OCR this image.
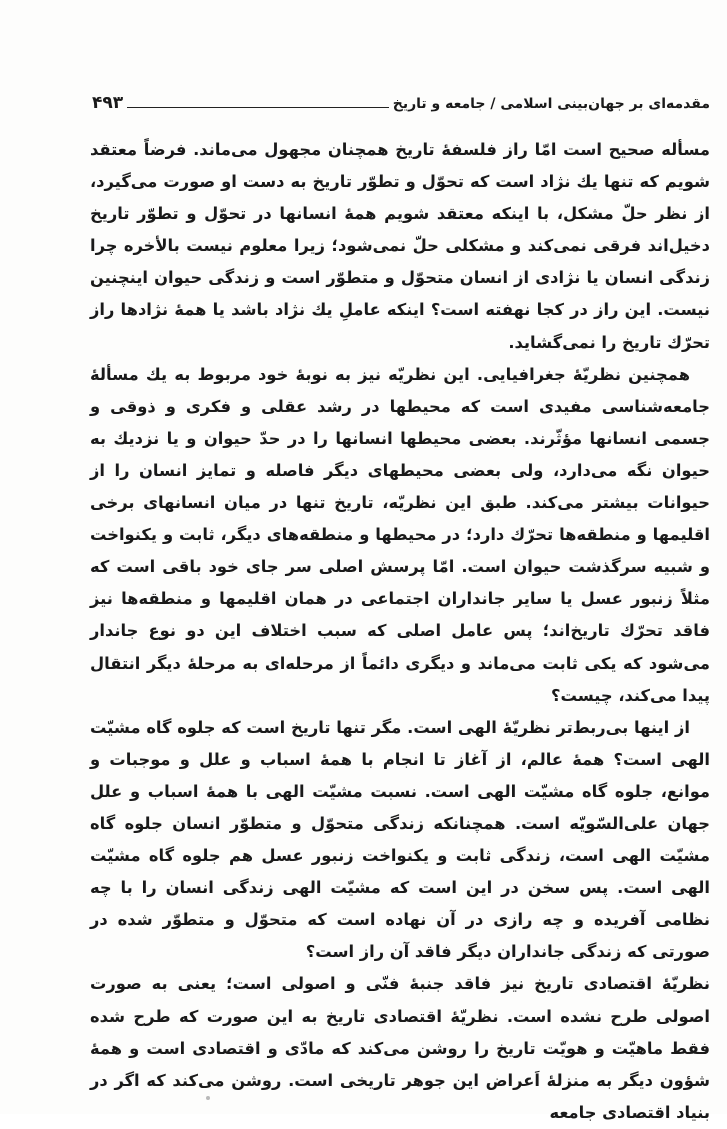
مقدمه‌ای بر جهان‌بینی اسلامی / جامعه و تاریخ
۴۹۳

مسأله صحیح است امّا راز فلسفهٔ تاریخ همچنان مجهول می‌ماند. فرضاً معتقد شویم که تنها یك نژاد است که تحوّل و تطوّر تاریخ به دست او صورت می‌گیرد، از نظر حلّ مشکل، با اینکه معتقد شویم همهٔ انسانها در تحوّل و تطوّر تاریخ دخیل‌اند فرقی نمی‌کند و مشکلی حلّ نمی‌شود؛ زیرا معلوم نیست بالأخره چرا زندگی انسان یا نژادی از انسان متحوّل و متطوّر است و زندگی حیوان اینچنین نیست. این راز در کجا نهفته است؟ اینکه عاملِ یك نژاد باشد یا همهٔ نژادها راز تحرّك تاریخ را نمی‌گشاید.

همچنین نظریّهٔ جغرافیایی. این نظریّه نیز به نوبهٔ خود مربوط به یك مسألهٔ جامعه‌شناسی مفیدی است که محیطها در رشد عقلی و فکری و ذوقی و جسمی انسانها مؤثّرند. بعضی محیطها انسانها را در حدّ حیوان و یا نزدیك به حیوان نگه می‌دارد، ولی بعضی محیطهای دیگر فاصله و تمایز انسان را از حیوانات بیشتر می‌کند. طبق این نظریّه، تاریخ تنها در میان انسانهای برخی اقلیمها و منطقه‌ها تحرّك دارد؛ در محیطها و منطقه‌های دیگر، ثابت و یکنواخت و شبیه سرگذشت حیوان است. امّا پرسش اصلی سر جای خود باقی است که مثلاً زنبور عسل یا سایر جانداران اجتماعی در همان اقلیمها و منطقه‌ها نیز فاقد تحرّك تاریخ‌اند؛ پس عامل اصلی که سبب اختلاف این دو نوع جاندار می‌شود که یکی ثابت می‌ماند و دیگری دائماً از مرحله‌ای به مرحلهٔ دیگر انتقال پیدا می‌کند، چیست؟

از اینها بی‌ربط‌تر نظریّهٔ الهی است. مگر تنها تاریخ است که جلوه گاه مشیّت الهی است؟ همهٔ عالم، از آغاز تا انجام با همهٔ اسباب و علل و موجبات و موانع، جلوه گاه مشیّت الهی است. نسبت مشیّت الهی با همهٔ اسباب و علل جهان علی‌السّویّه است. همچنانکه زندگی متحوّل و متطوّر انسان جلوه گاه مشیّت الهی است، زندگی ثابت و یکنواخت زنبور عسل هم جلوه گاه مشیّت الهی است. پس سخن در این است که مشیّت الهی زندگی انسان را با چه نظامی آفریده و چه رازی در آن نهاده است که متحوّل و متطوّر شده در صورتی که زندگی جانداران دیگر فاقد آن راز است؟

نظریّهٔ اقتصادی تاریخ نیز فاقد جنبهٔ فنّی و اصولی است؛ یعنی به صورت اصولی طرح نشده است. نظریّهٔ اقتصادی تاریخ به این صورت که طرح شده فقط ماهیّت و هویّت تاریخ را روشن می‌کند که مادّی و اقتصادی است و همهٔ شؤون دیگر به منزلهٔ اَعراض این جوهر تاریخی است. روشن می‌کند که اگر در بنیاد اقتصادی جامعه
